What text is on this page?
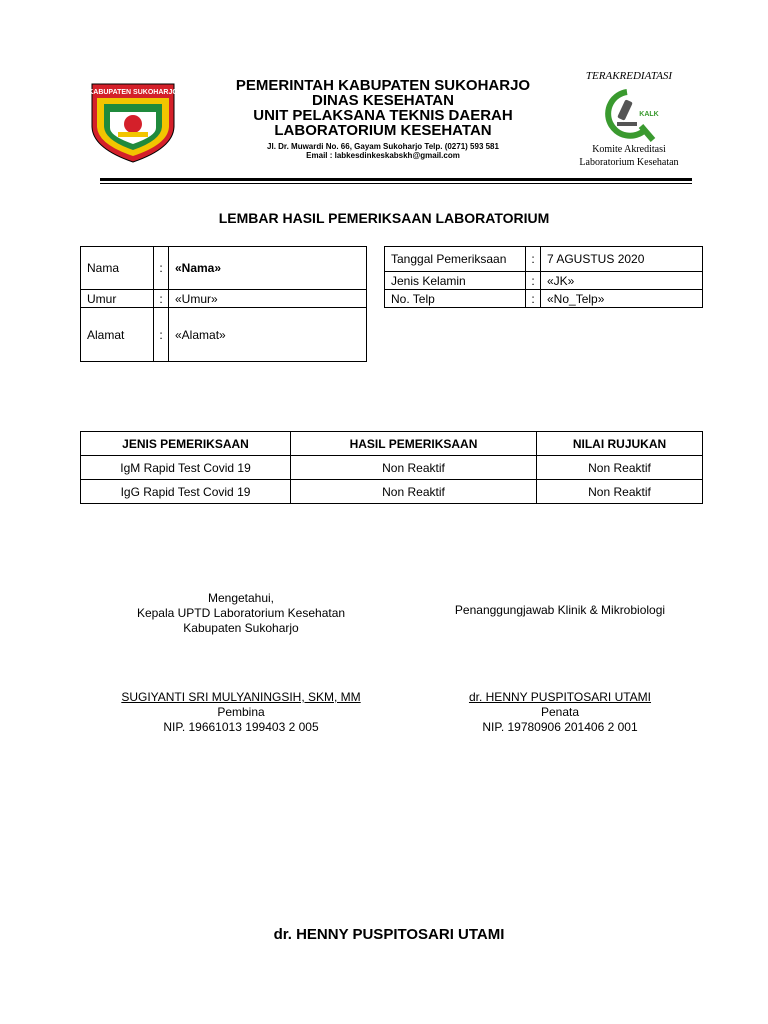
KABUPATEN SUKOHARJO	PEMERINTAH KABUPATEN SUKOHARJO
DINAS KESEHATAN
UNIT PELAKSANA TEKNIS DAERAH
LABORATORIUM KESEHATAN
Jl. Dr. Muwardi No. 66, Gayam Sukoharjo Telp. (0271) 593 581
Email : labkesdinkeskabskh@gmail.com
TERAKREDIATASI
KALK
Komite Akreditasi
Laboratorium Kesehatan
LEMBAR HASIL PEMERIKSAAN LABORATORIUM
Nama	:	«Nama»
Umur	:	«Umur»
Alamat	:	«Alamat»
Tanggal Pemeriksaan	:	7 AGUSTUS 2020
Jenis Kelamin	:	«JK»
No. Telp	:	«No_Telp»
JENIS PEMERIKSAAN	HASIL PEMERIKSAAN	NILAI RUJUKAN
IgM Rapid Test Covid 19	Non Reaktif	Non Reaktif
IgG Rapid Test Covid 19	Non Reaktif	Non Reaktif
Mengetahui,
Kepala UPTD Laboratorium Kesehatan
Kabupaten Sukoharjo
Penanggungjawab Klinik & Mikrobiologi
SUGIYANTI SRI MULYANINGSIH, SKM, MM
Pembina
NIP. 19661013 199403 2 005
dr. HENNY PUSPITOSARI UTAMI
Penata
NIP. 19780906 201406 2 001
dr. HENNY PUSPITOSARI UTAMI
